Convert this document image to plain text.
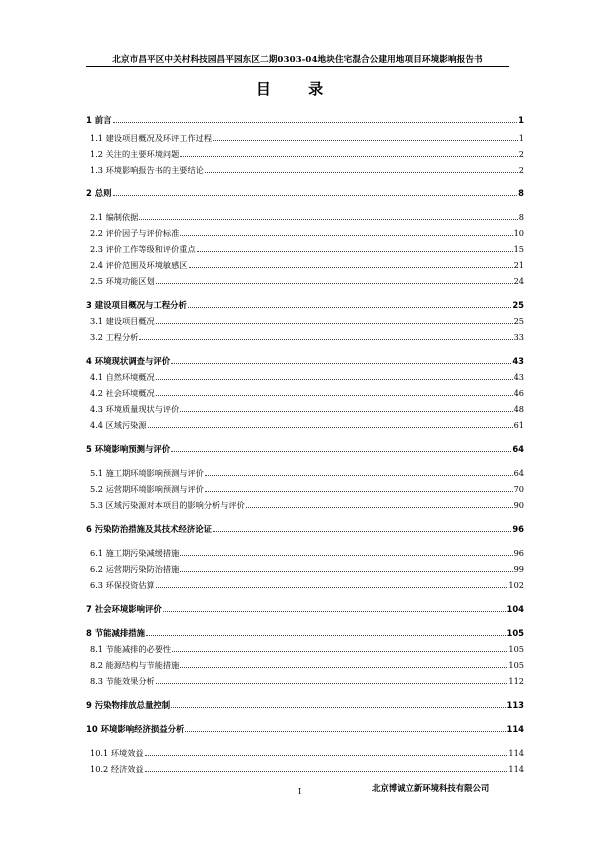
北京市昌平区中关村科技园昌平园东区二期0303-04地块住宅混合公建用地项目环境影响报告书
目 录
1 前言	1
1.1 建设项目概况及环评工作过程	1
1.2 关注的主要环境问题	2
1.3 环境影响报告书的主要结论	2
2 总则	8
2.1 编制依据	8
2.2 评价因子与评价标准	10
2.3 评价工作等级和评价重点	15
2.4 评价范围及环境敏感区	21
2.5 环境功能区划	24
3 建设项目概况与工程分析	25
3.1 建设项目概况	25
3.2 工程分析	33
4 环境现状调查与评价	43
4.1 自然环境概况	43
4.2 社会环境概况	46
4.3 环境质量现状与评价	48
4.4 区域污染源	61
5 环境影响预测与评价	64
5.1 施工期环境影响预测与评价	64
5.2 运营期环境影响预测与评价	70
5.3 区域污染源对本项目的影响分析与评价	90
6 污染防治措施及其技术经济论证	96
6.1 施工期污染减缓措施	96
6.2 运营期污染防治措施	99
6.3 环保投资估算	102
7 社会环境影响评价	104
8 节能减排措施	105
8.1 节能减排的必要性	105
8.2 能源结构与节能措施	105
8.3 节能效果分析	112
9 污染物排放总量控制	113
10 环境影响经济损益分析	114
10.1 环境效益	114
10.2 经济效益	114
I	北京博诚立新环境科技有限公司
